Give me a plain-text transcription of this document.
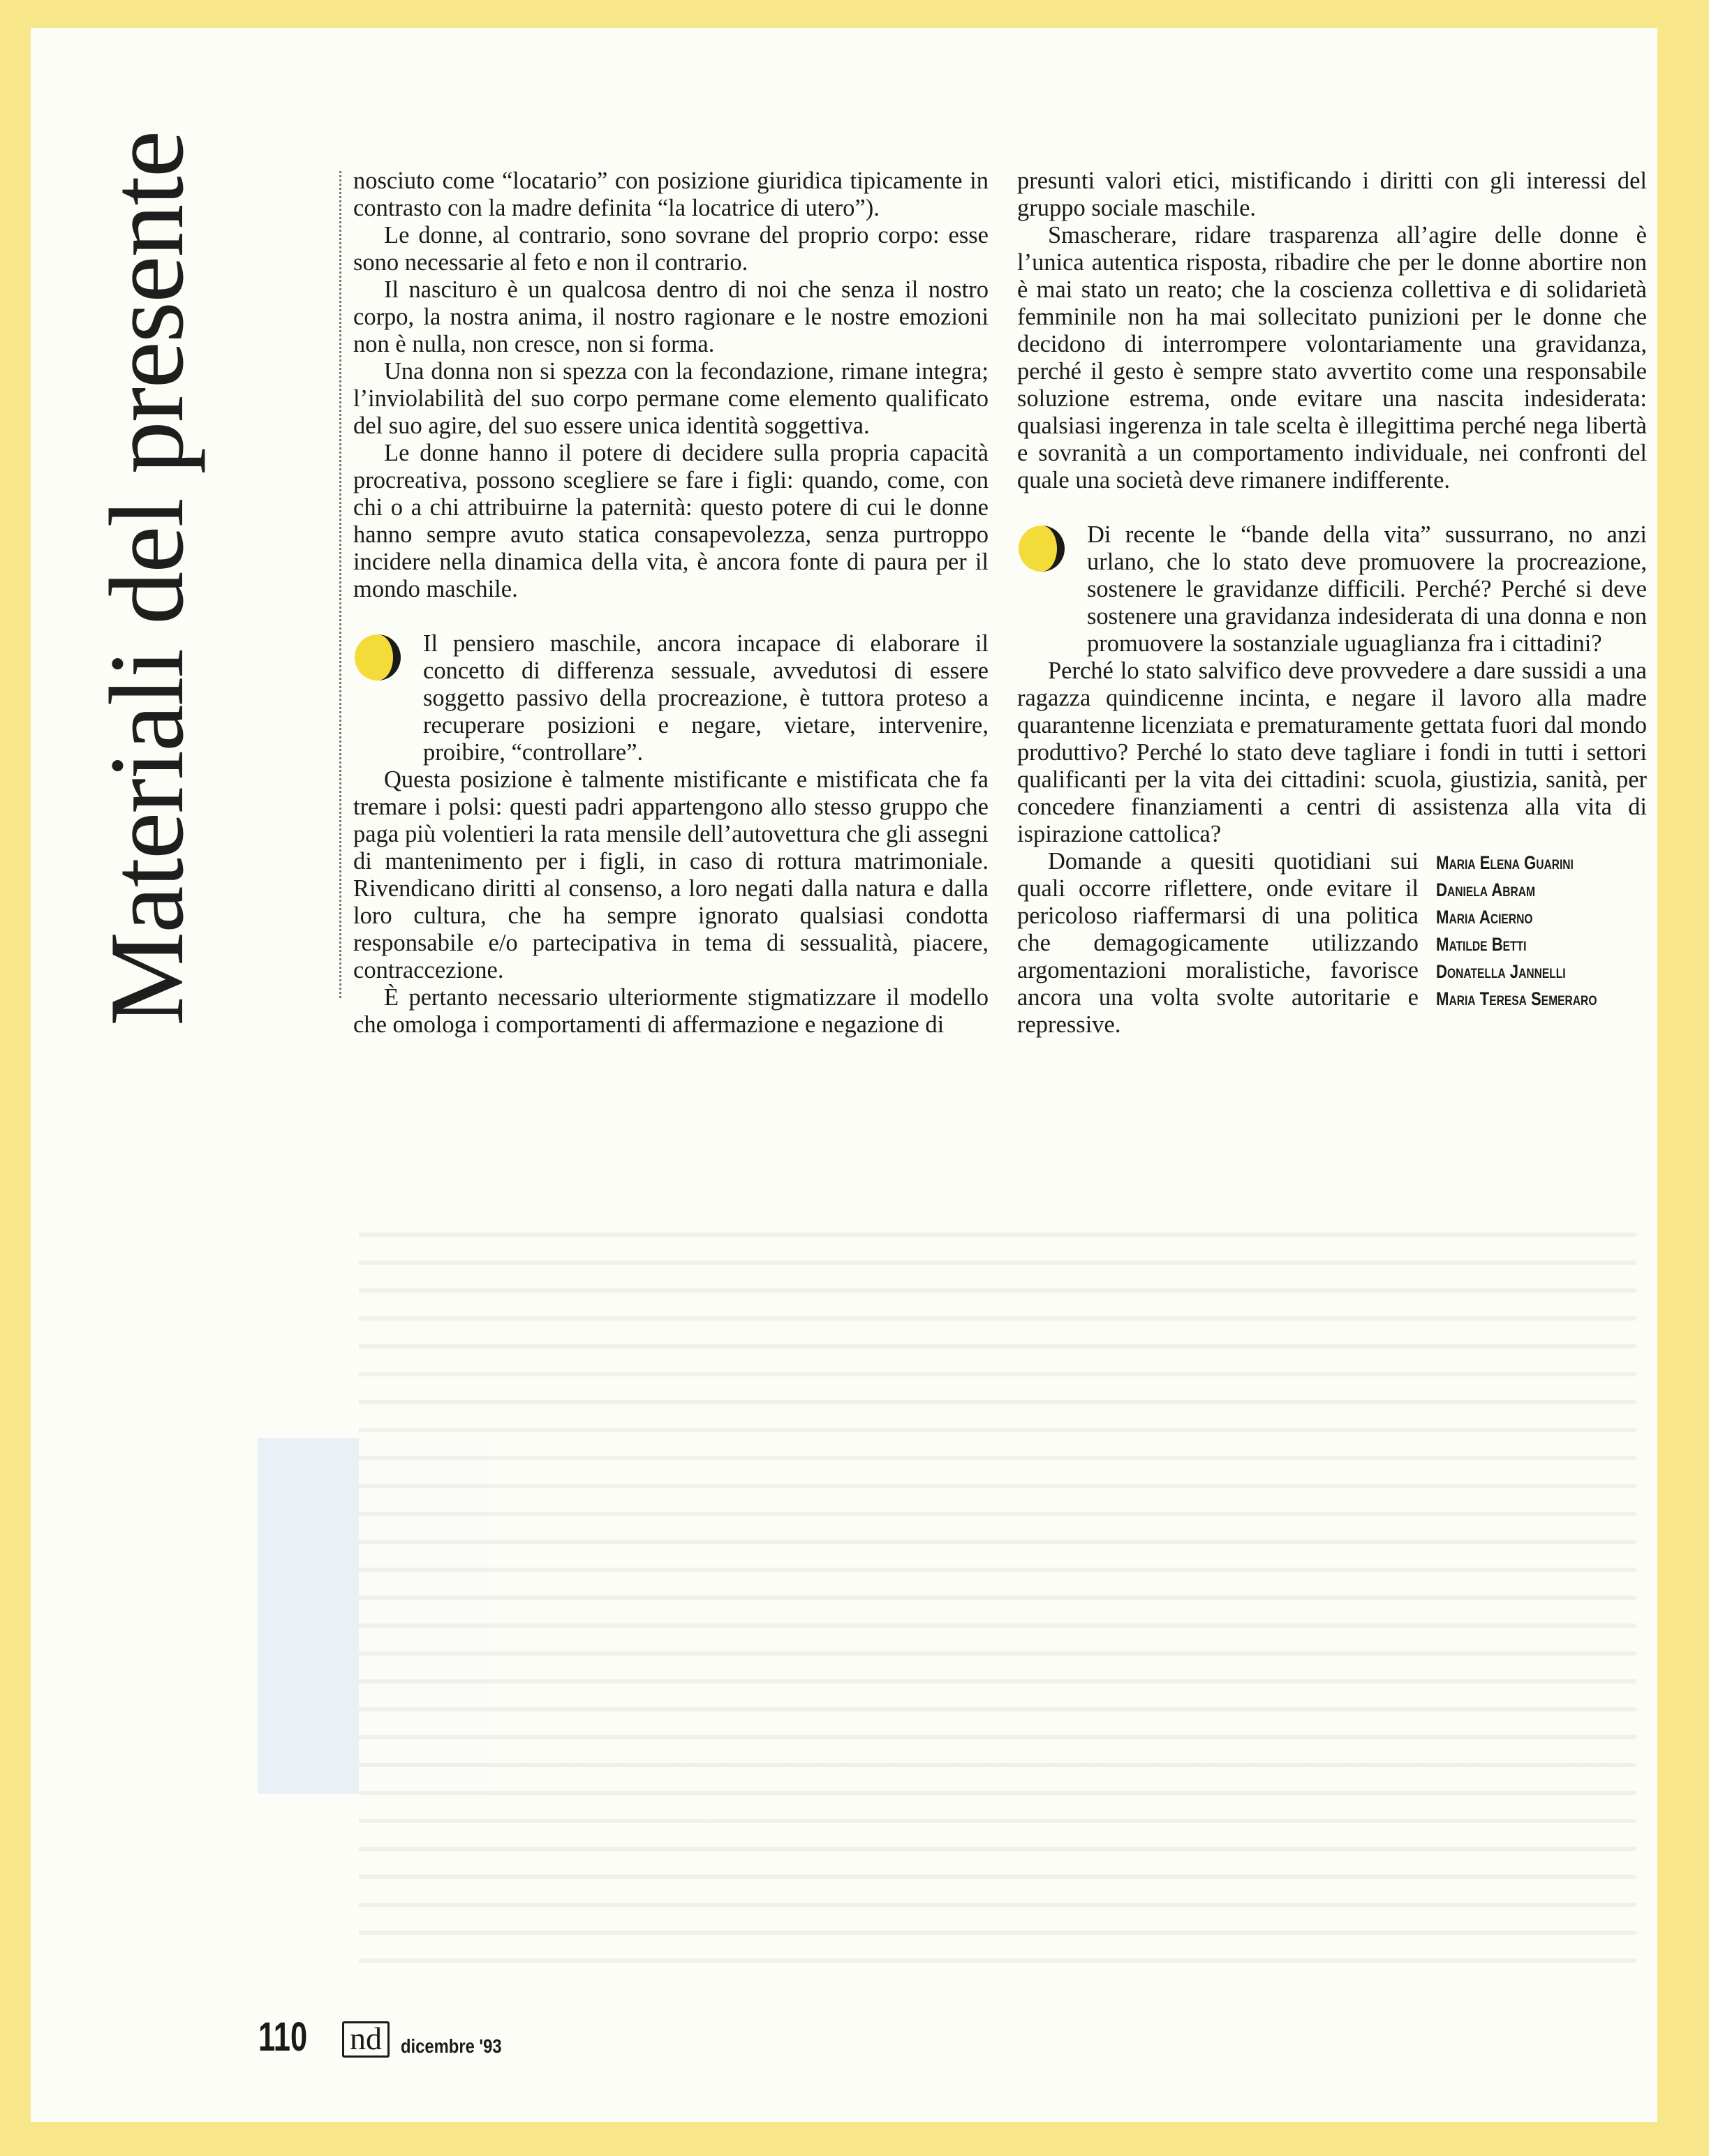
Materiali del presente	nosciuto come “locatario” con posizione giuridica tipicamente in contrasto con la madre definita “la locatrice di utero”).

Le donne, al contrario, sono sovrane del proprio corpo: esse sono necessarie al feto e non il contrario.

Il nascituro è un qualcosa dentro di noi che senza il nostro corpo, la nostra anima, il nostro ragionare e le nostre emozioni non è nulla, non cresce, non si forma.

Una donna non si spezza con la fecondazione, rimane integra; l’inviolabilità del suo corpo permane come elemento qualificato del suo agire, del suo essere unica identità soggettiva.

Le donne hanno il potere di decidere sulla propria capacità procreativa, possono scegliere se fare i figli: quando, come, con chi o a chi attribuirne la paternità: questo potere di cui le donne hanno sempre avuto statica consapevolezza, senza purtroppo incidere nella dinamica della vita, è ancora fonte di paura per il mondo maschile.

Il pensiero maschile, ancora incapace di elaborare il concetto di differenza sessuale, avvedutosi di essere soggetto passivo della procreazione, è tuttora proteso a recuperare posizioni e negare, vietare, intervenire, proibire, “controllare”.

Questa posizione è talmente mistificante e mistificata che fa tremare i polsi: questi padri appartengono allo stesso gruppo che paga più volentieri la rata mensile dell’autovettura che gli assegni di mantenimento per i figli, in caso di rottura matrimoniale. Rivendicano diritti al consenso, a loro negati dalla natura e dalla loro cultura, che ha sempre ignorato qualsiasi condotta responsabile e/o partecipativa in tema di sessualità, piacere, contraccezione.

È pertanto necessario ulteriormente stigmatizzare il modello che omologa i comportamenti di affermazione e negazione di

presunti valori etici, mistificando i diritti con gli interessi del gruppo sociale maschile.

Smascherare, ridare trasparenza all’agire delle donne è l’unica autentica risposta, ribadire che per le donne abortire non è mai stato un reato; che la coscienza collettiva e di solidarietà femminile non ha mai sollecitato punizioni per le donne che decidono di interrompere volontariamente una gravidanza, perché il gesto è sempre stato avvertito come una responsabile soluzione estrema, onde evitare una nascita indesiderata: qualsiasi ingerenza in tale scelta è illegittima perché nega libertà e sovranità a un comportamento individuale, nei confronti del quale una società deve rimanere indifferente.

Di recente le “bande della vita” sussurrano, no anzi urlano, che lo stato deve promuovere la procreazione, sostenere le gravidanze difficili. Perché? Perché si deve sostenere una gravidanza indesiderata di una donna e non promuovere la sostanziale uguaglianza fra i cittadini?

Perché lo stato salvifico deve provvedere a dare sussidi a una ragazza quindicenne incinta, e negare il lavoro alla madre quarantenne licenziata e prematuramente gettata fuori dal mondo produttivo? Perché lo stato deve tagliare i fondi in tutti i settori qualificanti per la vita dei cittadini: scuola, giustizia, sanità, per concedere finanziamenti a centri di assistenza alla vita di ispirazione cattolica?

Domande a quesiti quotidiani sui quali occorre riflettere, onde evitare il pericoloso riaffermarsi di una politica che demagogicamente utilizzando argomentazioni moralistiche, favorisce ancora una volta svolte autoritarie e repressive.

Maria Elena Guarini
Daniela Abram
Maria Acierno
Matilde Betti
Donatella Jannelli
Maria Teresa Semeraro
110	nd dicembre '93
